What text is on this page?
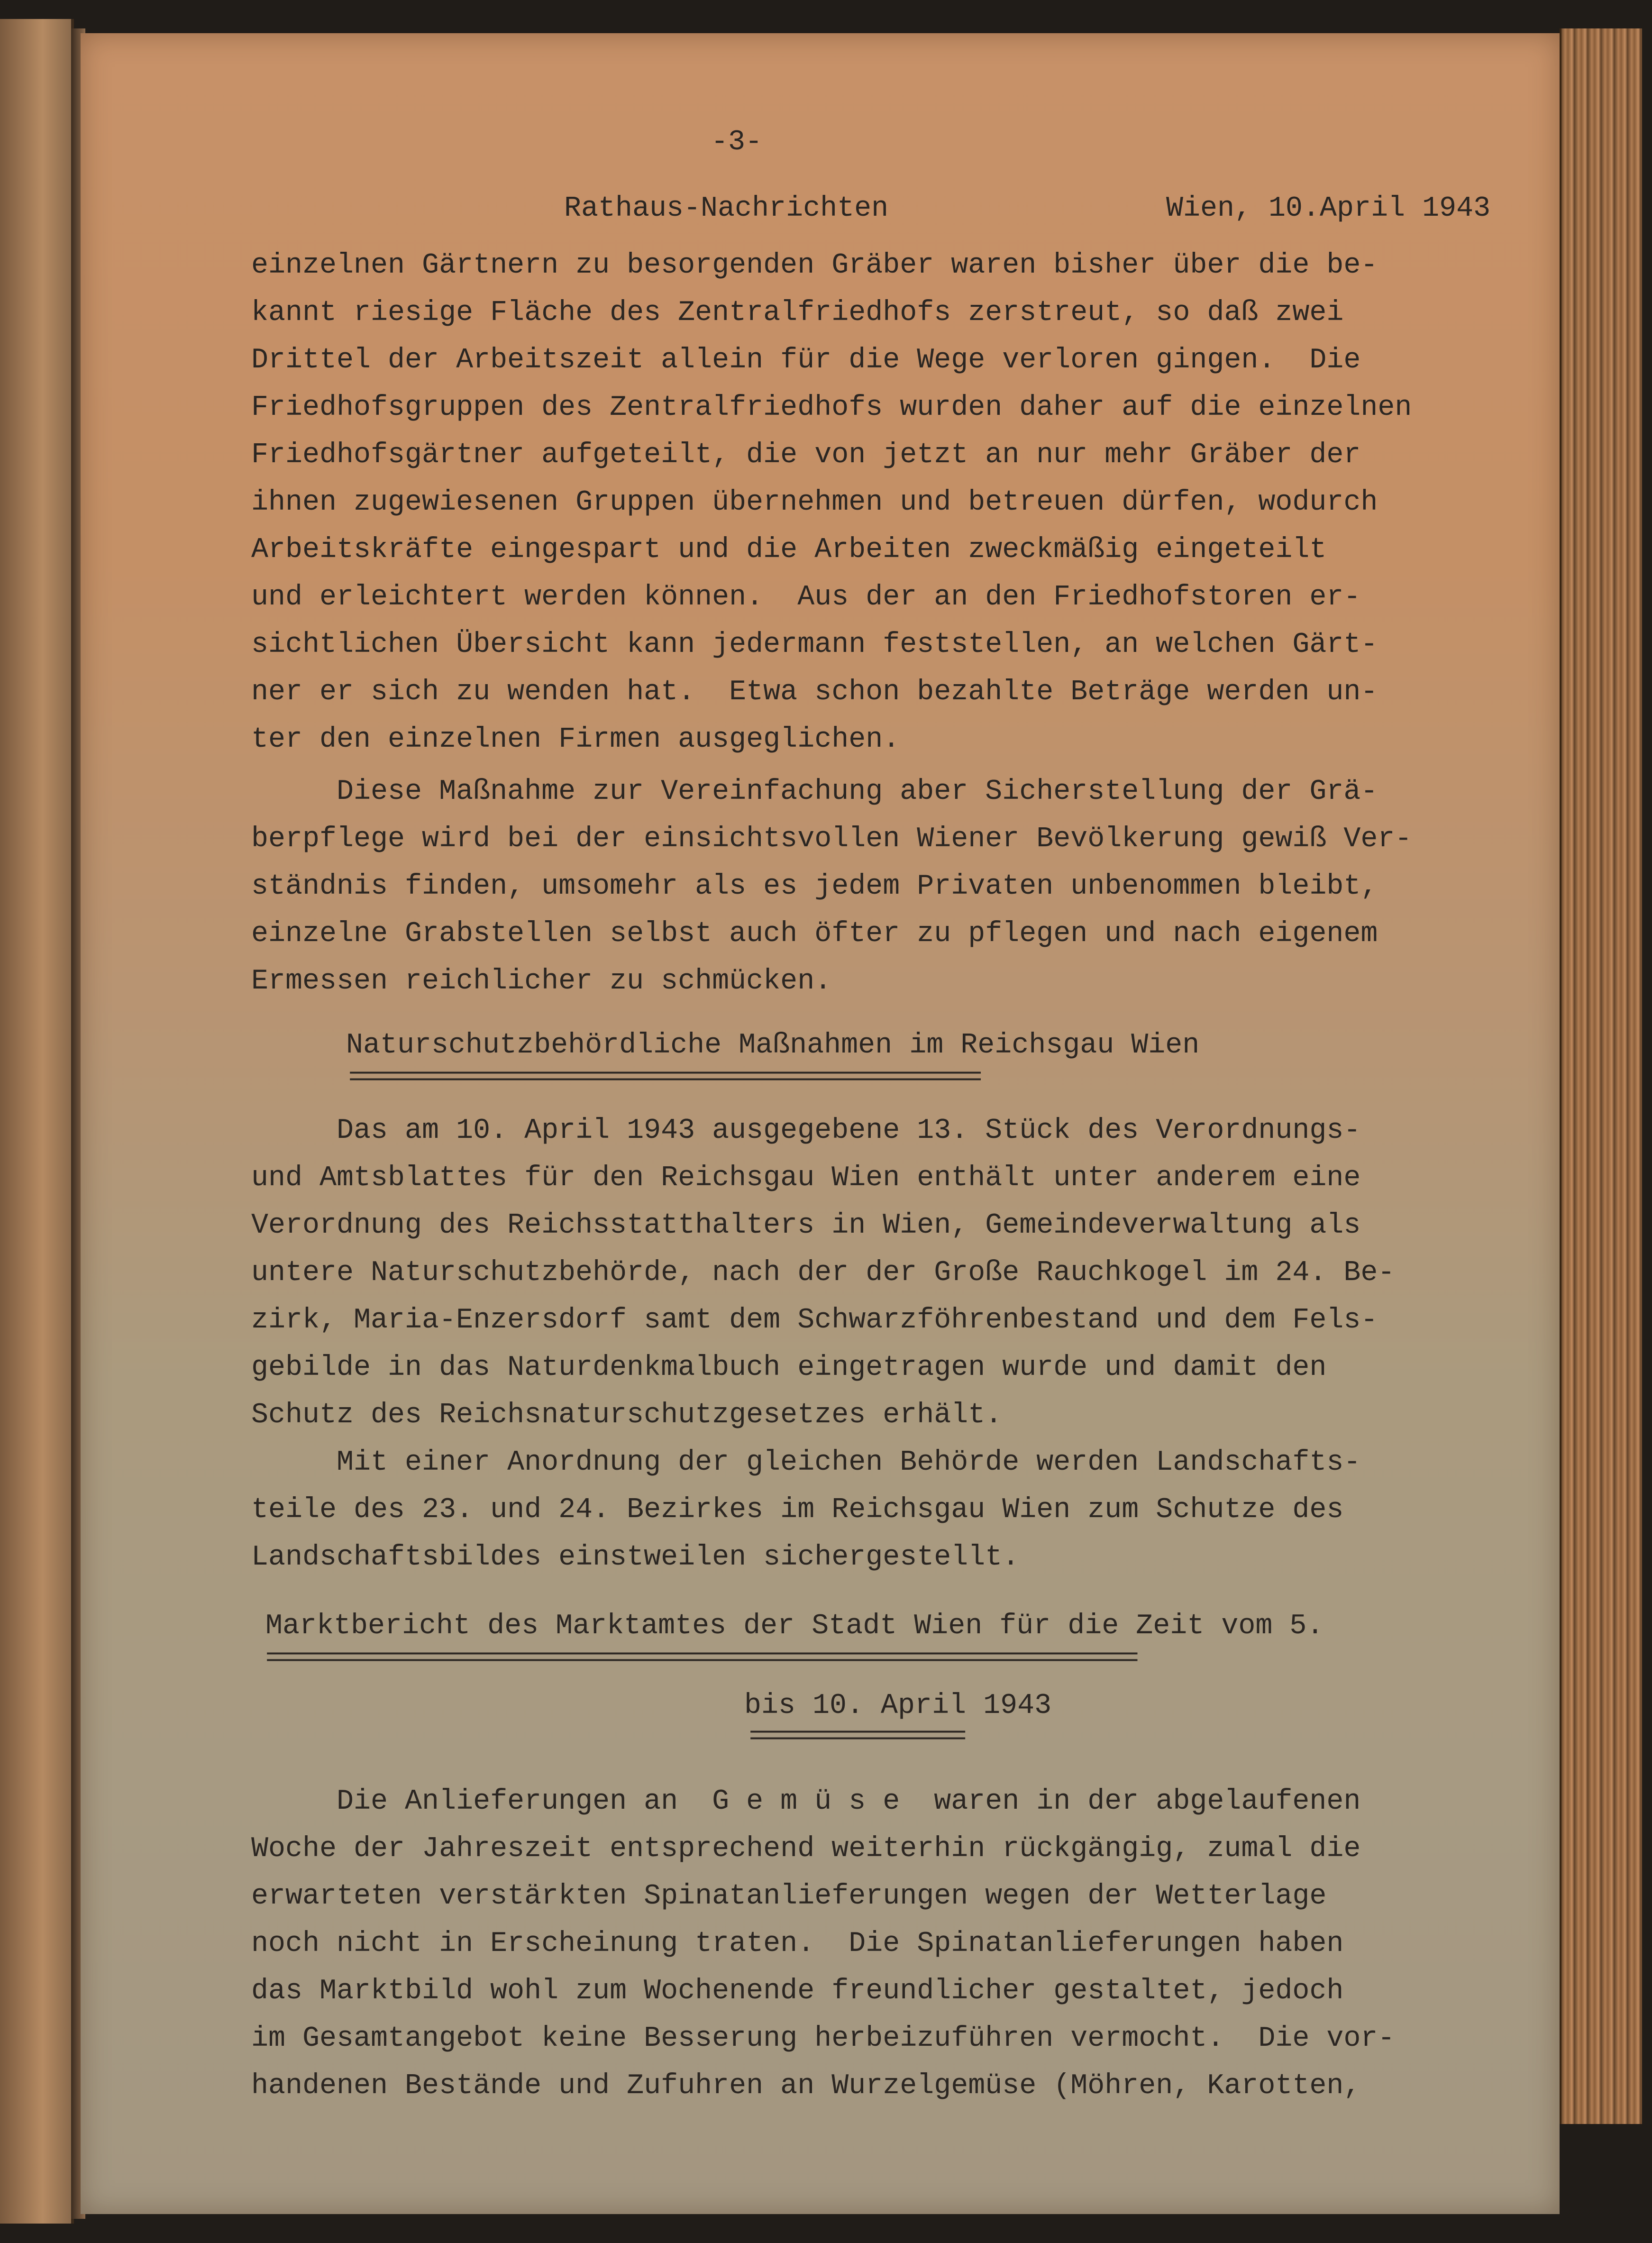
-3-
Rathaus-Nachrichten	Wien, 10.April 1943
einzelnen Gärtnern zu besorgenden Gräber waren bisher über die be-
kannt riesige Fläche des Zentralfriedhofs zerstreut, so daß zwei
Drittel der Arbeitszeit allein für die Wege verloren gingen.  Die
Friedhofsgruppen des Zentralfriedhofs wurden daher auf die einzelnen
Friedhofsgärtner aufgeteilt, die von jetzt an nur mehr Gräber der
ihnen zugewiesenen Gruppen übernehmen und betreuen dürfen, wodurch
Arbeitskräfte eingespart und die Arbeiten zweckmäßig eingeteilt
und erleichtert werden können.  Aus der an den Friedhofstoren er-
sichtlichen Übersicht kann jedermann feststellen, an welchen Gärt-
ner er sich zu wenden hat.  Etwa schon bezahlte Beträge werden un-
ter den einzelnen Firmen ausgeglichen.
Diese Maßnahme zur Vereinfachung aber Sicherstellung der Grä-
berpflege wird bei der einsichtsvollen Wiener Bevölkerung gewiß Ver-
ständnis finden, umsomehr als es jedem Privaten unbenommen bleibt,
einzelne Grabstellen selbst auch öfter zu pflegen und nach eigenem
Ermessen reichlicher zu schmücken.
Naturschutzbehördliche Maßnahmen im Reichsgau Wien
==================================================
Das am 10. April 1943 ausgegebene 13. Stück des Verordnungs-
und Amtsblattes für den Reichsgau Wien enthält unter anderem eine
Verordnung des Reichsstatthalters in Wien, Gemeindeverwaltung als
untere Naturschutzbehörde, nach der der Große Rauchkogel im 24. Be-
zirk, Maria-Enzersdorf samt dem Schwarzföhrenbestand und dem Fels-
gebilde in das Naturdenkmalbuch eingetragen wurde und damit den
Schutz des Reichsnaturschutzgesetzes erhält.
Mit einer Anordnung der gleichen Behörde werden Landschafts-
teile des 23. und 24. Bezirkes im Reichsgau Wien zum Schutze des
Landschaftsbildes einstweilen sichergestellt.
Marktbericht des Marktamtes der Stadt Wien für die Zeit vom 5.
=====================================================================
bis 10. April 1943
=================
Die Anlieferungen an  G e m ü s e  waren in der abgelaufenen
Woche der Jahreszeit entsprechend weiterhin rückgängig, zumal die
erwarteten verstärkten Spinatanlieferungen wegen der Wetterlage
noch nicht in Erscheinung traten.  Die Spinatanlieferungen haben
das Marktbild wohl zum Wochenende freundlicher gestaltet, jedoch
im Gesamtangebot keine Besserung herbeizuführen vermocht.  Die vor-
handenen Bestände und Zufuhren an Wurzelgemüse (Möhren, Karotten,
